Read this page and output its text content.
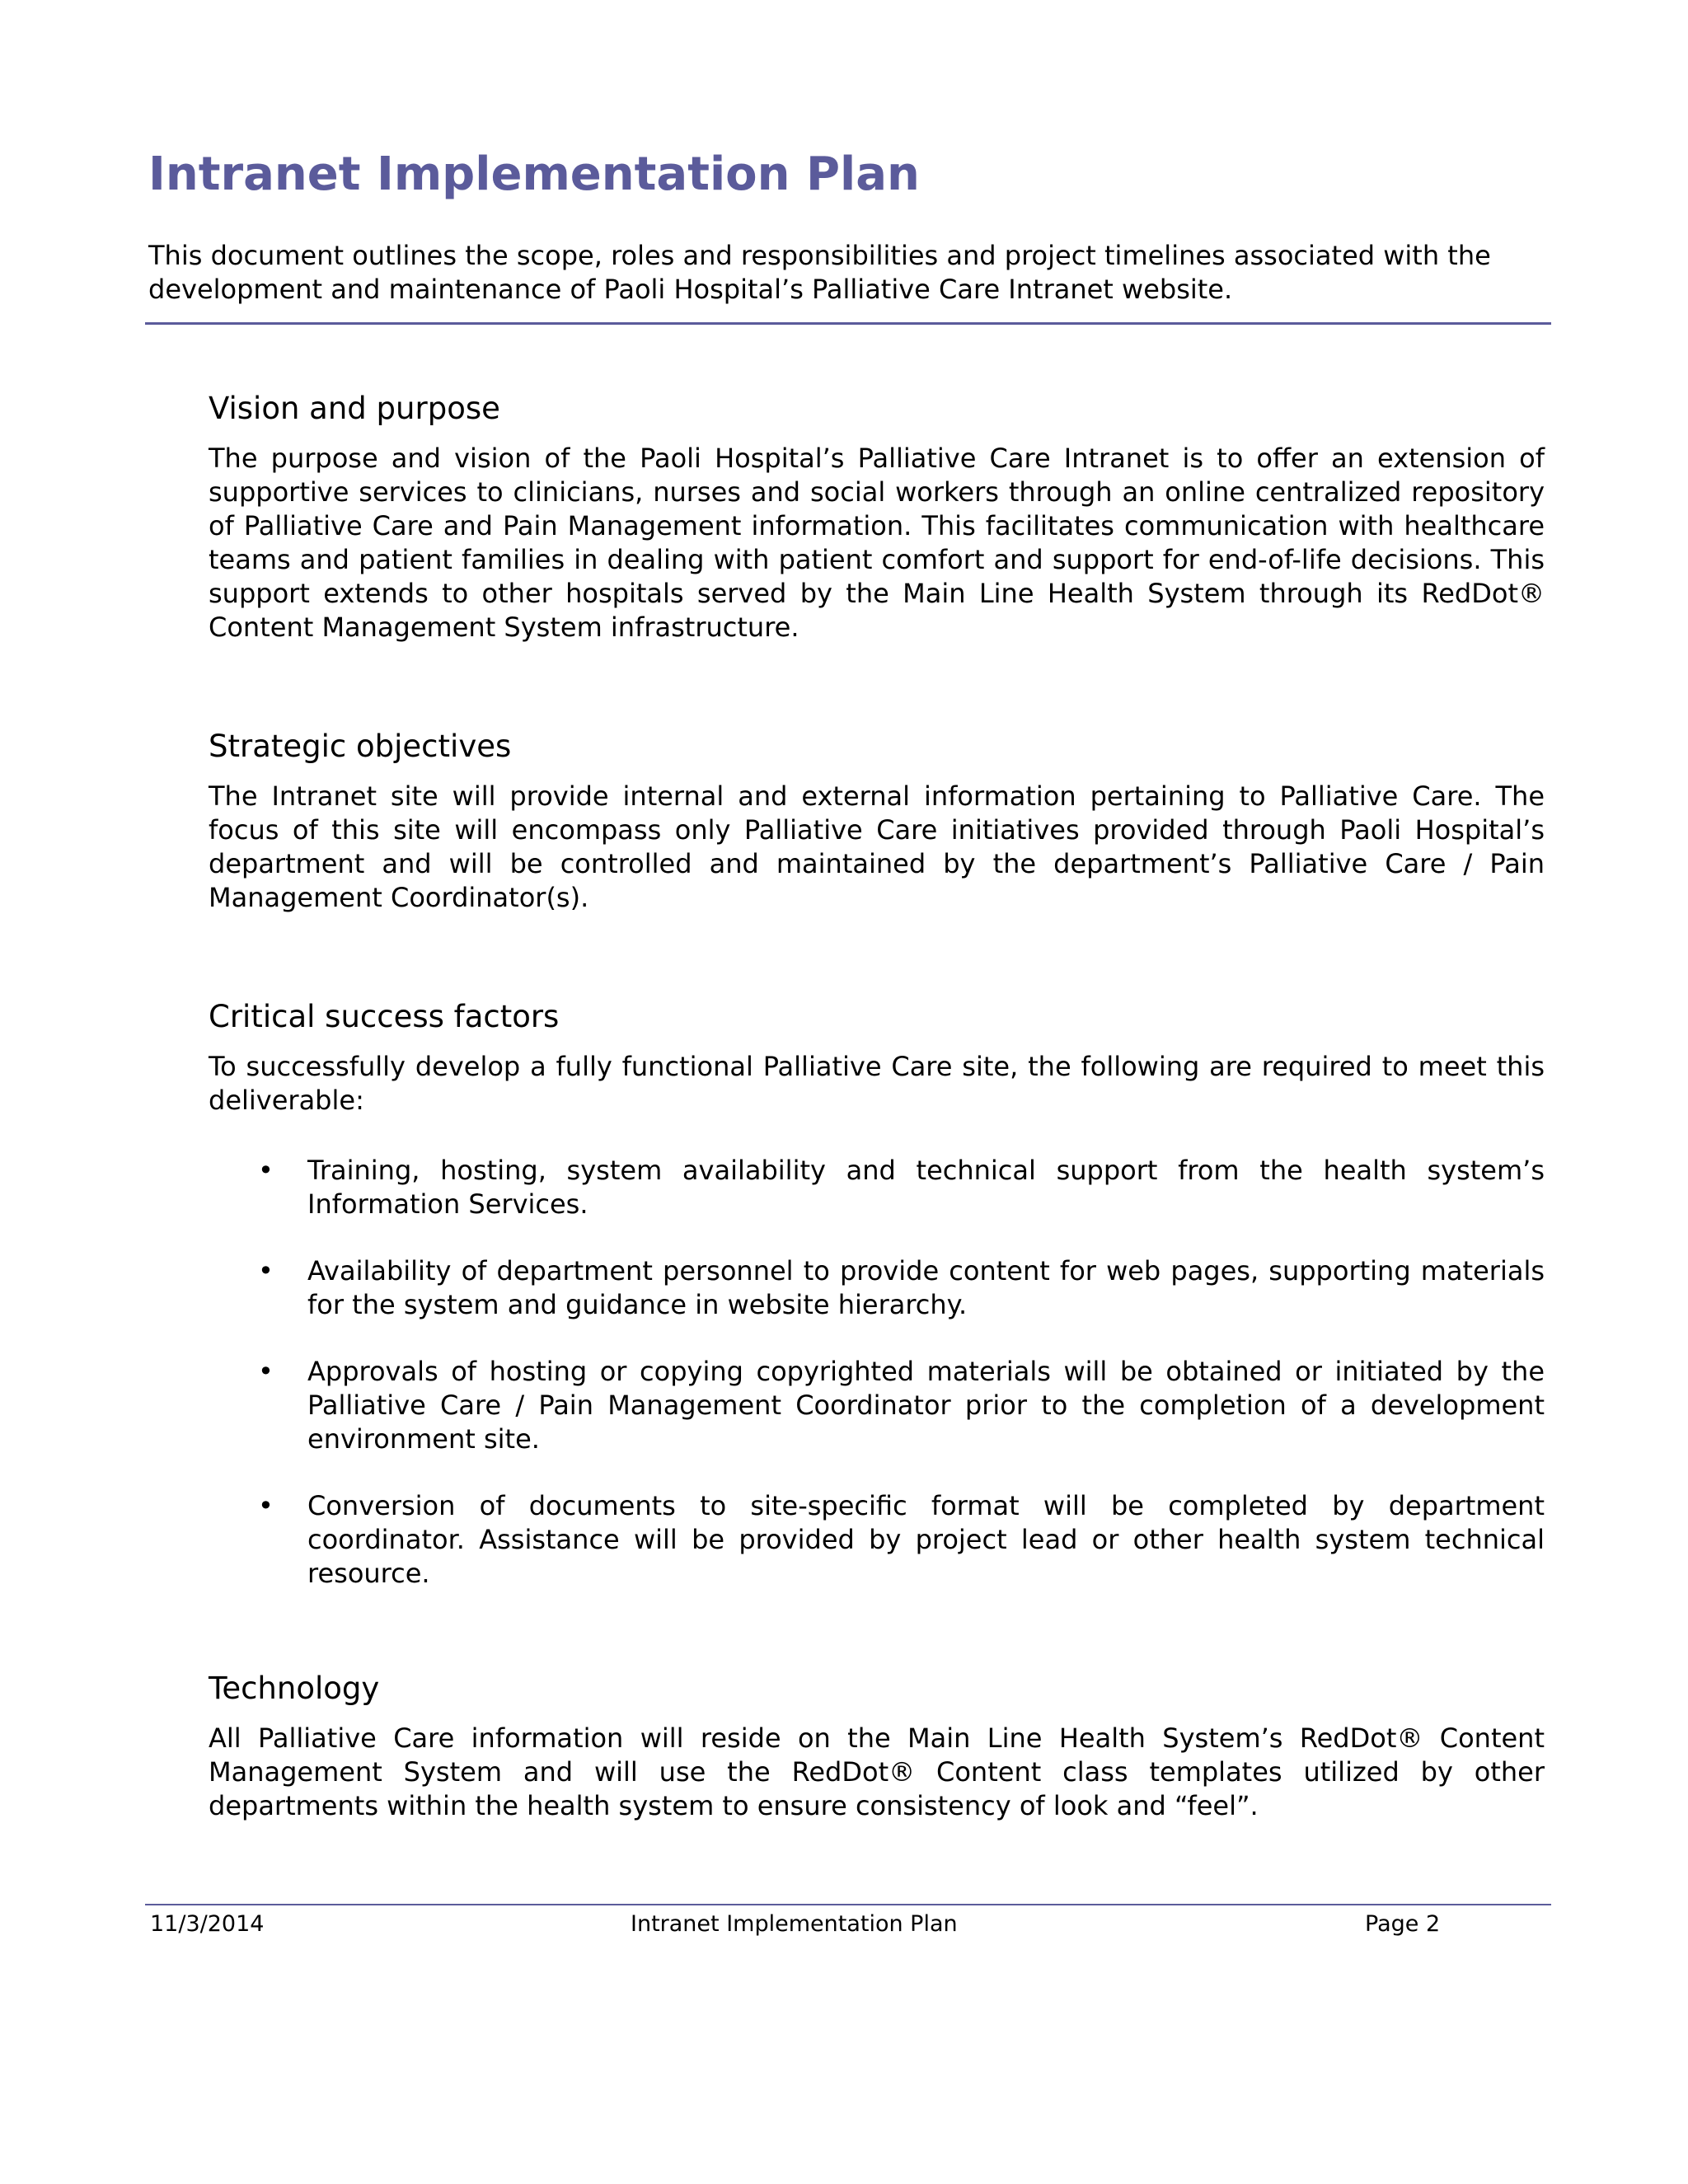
Intranet Implementation Plan

This document outlines the scope, roles and responsibilities and project timelines associated with the development and maintenance of Paoli Hospital’s Palliative Care Intranet website.

Vision and purpose

The purpose and vision of the Paoli Hospital’s Palliative Care Intranet is to offer an extension of supportive services to clinicians, nurses and social workers through an online centralized repository of Palliative Care and Pain Management information. This facilitates communication with healthcare teams and patient families in dealing with patient comfort and support for end-of-life decisions. This support extends to other hospitals served by the Main Line Health System through its RedDot® Content Management System infrastructure.

Strategic objectives

The Intranet site will provide internal and external information pertaining to Palliative Care. The focus of this site will encompass only Palliative Care initiatives provided through Paoli Hospital’s department and will be controlled and maintained by the department’s Palliative Care / Pain Management Coordinator(s).

Critical success factors

To successfully develop a fully functional Palliative Care site, the following are required to meet this deliverable:

• Training, hosting, system availability and technical support from the health system’s Information Services.
• Availability of department personnel to provide content for web pages, supporting materials for the system and guidance in website hierarchy.
• Approvals of hosting or copying copyrighted materials will be obtained or initiated by the Palliative Care / Pain Management Coordinator prior to the completion of a development environment site.
• Conversion of documents to site-specific format will be completed by department coordinator. Assistance will be provided by project lead or other health system technical resource.
Technology

All Palliative Care information will reside on the Main Line Health System’s RedDot® Content Management System and will use the RedDot® Content class templates utilized by other departments within the health system to ensure consistency of look and “feel”.

11/3/2014	Intranet Implementation Plan	Page 2
